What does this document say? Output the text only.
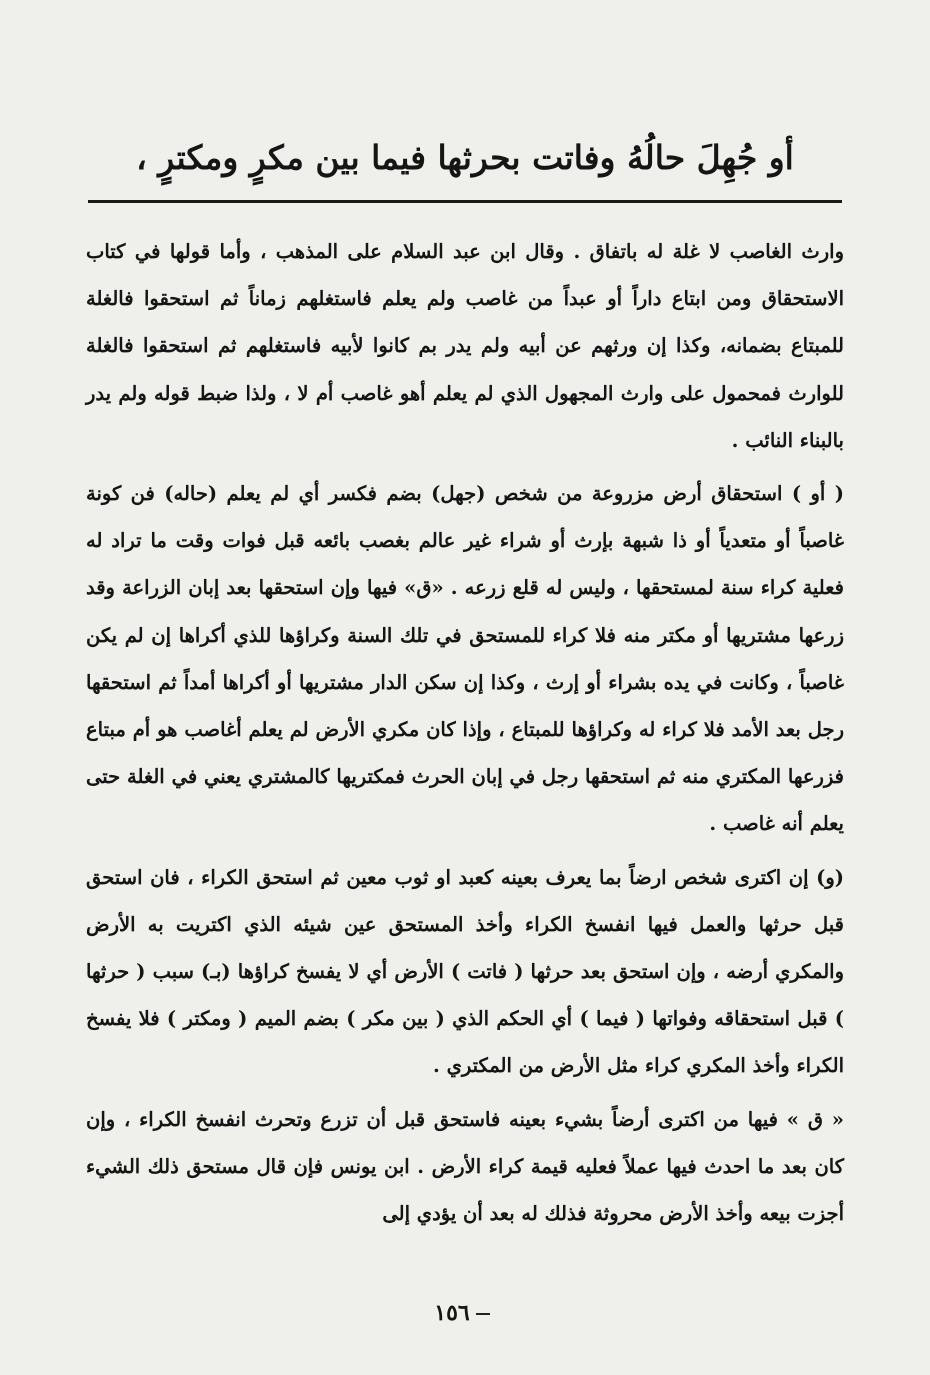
أو جُهِلَ حالُهُ وفاتت بحرثها فيما بين مكرٍ ومكترٍ ،

وارث الغاصب لا غلة له باتفاق . وقال ابن عبد السلام على المذهب ، وأما قولها في كتاب الاستحقاق ومن ابتاع داراً أو عبداً من غاصب ولم يعلم فاستغلهم زماناً ثم استحقوا فالغلة للمبتاع بضمانه، وكذا إن ورثهم عن أبيه ولم يدر بم كانوا لأبيه فاستغلهم ثم استحقوا فالغلة للوارث فمحمول على وارث المجهول الذي لم يعلم أهو غاصب أم لا ، ولذا ضبط قوله ولم يدر بالبناء النائب .

( أو ) استحقاق أرض مزروعة من شخص (جهل) بضم فكسر أي لم يعلم (حاله) فن كونة غاصباً أو متعدياً أو ذا شبهة بإرث أو شراء غير عالم بغصب بائعه قبل فوات وقت ما تراد له فعلية كراء سنة لمستحقها ، وليس له قلع زرعه . «ق» فيها وإن استحقها بعد إبان الزراعة وقد زرعها مشتريها أو مكتر منه فلا كراء للمستحق في تلك السنة وكراؤها للذي أكراها إن لم يكن غاصباً ، وكانت في يده بشراء أو إرث ، وكذا إن سكن الدار مشتريها أو أكراها أمداً ثم استحقها رجل بعد الأمد فلا كراء له وكراؤها للمبتاع ، وإذا كان مكري الأرض لم يعلم أغاصب هو أم مبتاع فزرعها المكتري منه ثم استحقها رجل في إبان الحرث فمكتريها كالمشتري يعني في الغلة حتى يعلم أنه غاصب .

(و) إن اكترى شخص ارضاً بما يعرف بعينه كعبد او ثوب معين ثم استحق الكراء ، فان استحق قبل حرثها والعمل فيها انفسخ الكراء وأخذ المستحق عين شيئه الذي اكتريت به الأرض والمكري أرضه ، وإن استحق بعد حرثها ( فاتت ) الأرض أي لا يفسخ كراؤها (بـ) سبب ( حرثها ) قبل استحقاقه وفواتها ( فيما ) أي الحكم الذي ( بين مكر ) بضم الميم ( ومكتر ) فلا يفسخ الكراء وأخذ المكري كراء مثل الأرض من المكتري .

« ق » فيها من اكترى أرضاً بشيء بعينه فاستحق قبل أن تزرع وتحرث انفسخ الكراء ، وإن كان بعد ما احدث فيها عملاً فعليه قيمة كراء الأرض . ابن يونس فإن قال مستحق ذلك الشيء أجزت بيعه وأخذ الأرض محروثة فذلك له بعد أن يؤدي إلى

١٥٦
